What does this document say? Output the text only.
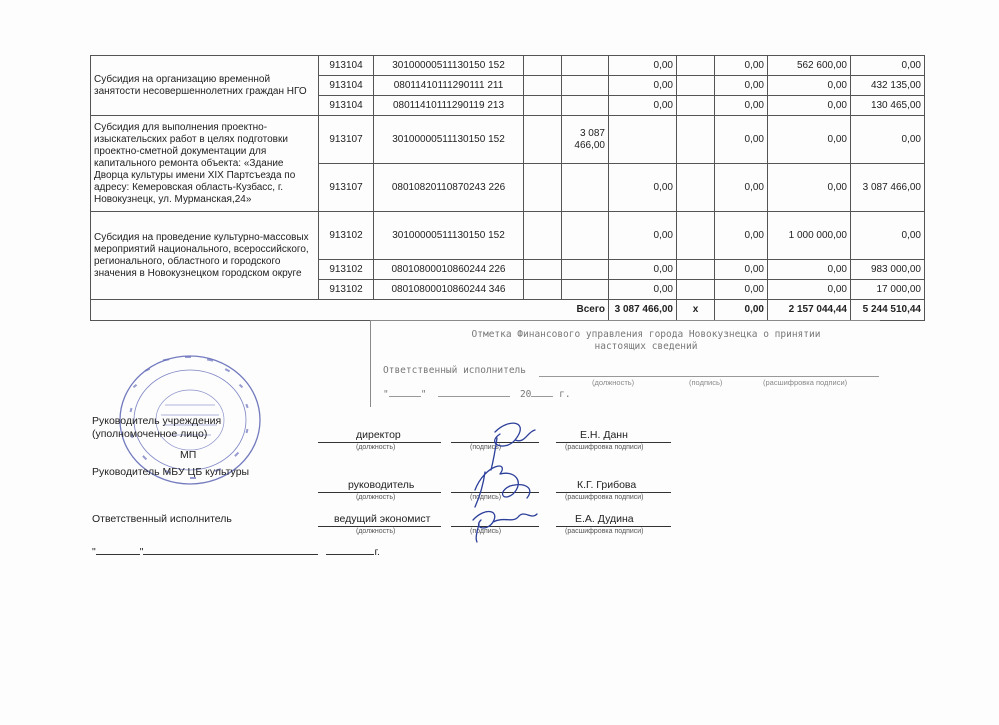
Субсидия на организацию временной занятости несовершеннолетних граждан НГО	913104	30100000511130150 152			0,00		0,00	562 600,00	0,00
	913104	08011410111290111 211			0,00		0,00	0,00	432 135,00
	913104	08011410111290119 213			0,00		0,00	0,00	130 465,00
Субсидия для выполнения проектно-изыскательских работ в целях подготовки проектно-сметной документации для капитального ремонта объекта: «Здание Дворца культуры имени XIX Партсъезда по адресу: Кемеровская область-Кузбасс, г. Новокузнецк, ул. Мурманская,24»	913107	30100000511130150 152		3 087 466,00			0,00	0,00	0,00
	913107	08010820110870243 226			0,00		0,00	0,00	3 087 466,00
Субсидия на проведение культурно-массовых мероприятий национального, всероссийского, регионального, областного и городского значения в Новокузнецком городском округе	913102	30100000511130150 152			0,00		0,00	1 000 000,00	0,00
	913102	08010800010860244 226			0,00		0,00	0,00	983 000,00
	913102	08010800010860244 346			0,00		0,00	0,00	17 000,00
Всего					3 087 466,00	x	0,00	2 157 044,44	5 244 510,44
Отметка Финансового управления города Новокузнецка о принятии
настоящих сведений
Ответственный исполнитель
(должность)	(подпись)	(расшифровка подписи)
"	"	20	г.
Руководитель учреждения
(уполномоченное лицо)
МП
директор	Е.Н. Данн
(должность)	(подпись)	(расшифровка подписи)
Руководитель МБУ ЦБ культуры
руководитель	К.Г. Грибова
(должность)	(подпись)	(расшифровка подписи)
Ответственный исполнитель	ведущий экономист	Е.А. Дудина
(должность)	(подпись)	(расшифровка подписи)
"	"	г.
